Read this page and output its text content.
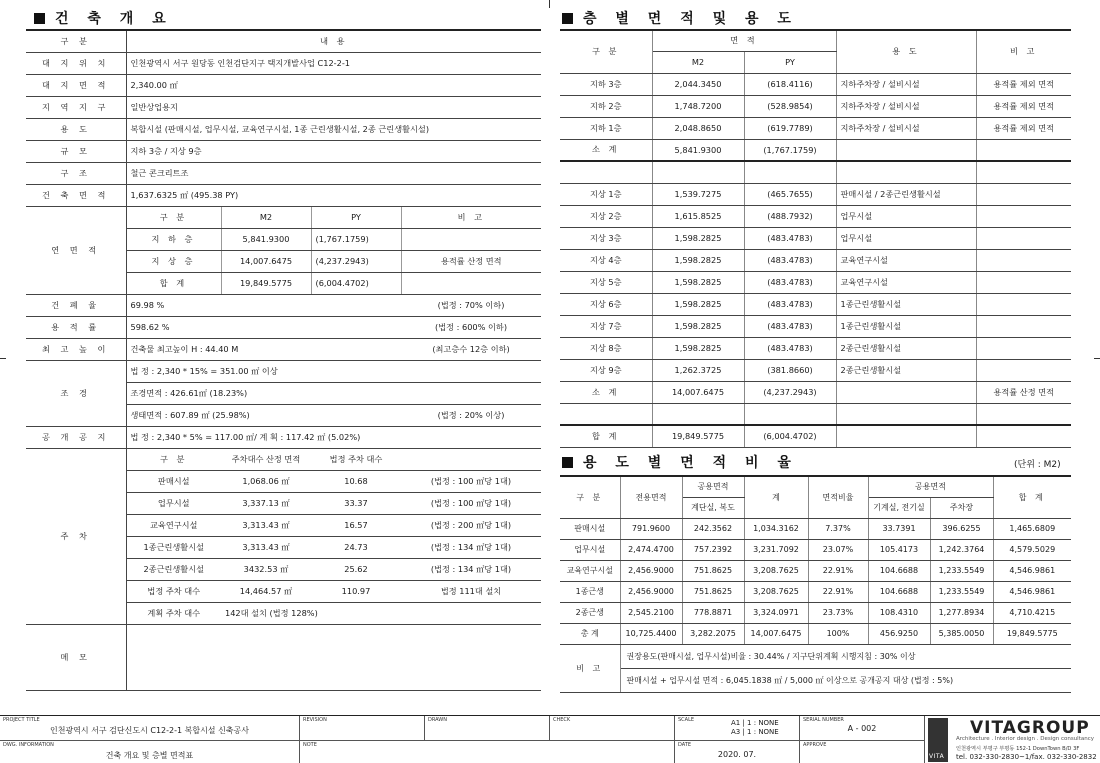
건 축 개 요
구 분	내 용			
대 지 위 치	인천광역시 서구 원당동 인천검단지구 택지개발사업 C12-2-1			
대 지 면 적	2,340.00 ㎡			
지 역 지 구	일반상업용지			
용 도	복합시설 (판매시설, 업무시설, 교육연구시설, 1종 근린생활시설, 2종 근린생활시설)			
규 모	지하 3층 / 지상 9층			
구 조	철근 콘크리트조			
건 축 면 적	1,637.6325 ㎡ (495.38 PY)			
연 면 적	구 분	M2	PY	비 고
	지 하 층	5,841.9300	(1,767.1759)	
	지 상 층	14,007.6475	(4,237.2943)	용적률 산정 면적
	합 계	19,849.5775	(6,004.4702)	
건 폐 율	69.98 %			(법정 : 70% 이하)
용 적 률	598.62 %			(법정 : 600% 이하)
최 고 높 이	건축물 최고높이 H : 44.40 M			(최고층수 12층 이하)
조 경	법 정 : 2,340 * 15% = 351.00 ㎡ 이상			
	조경면적 : 426.61㎡ (18.23%)			
	생태면적 : 607.89 ㎡ (25.98%)			(법정 : 20% 이상)
공 개 공 지	법 정 : 2,340 * 5% = 117.00 ㎡/ 계 획 : 117.42 ㎡ (5.02%)			
주 차	구 분	주차대수 산정 면적	법정 주차 대수	
	판매시설	1,068.06 ㎡	10.68	(법정 : 100 ㎡당 1대)
	업무시설	3,337.13 ㎡	33.37	(법정 : 100 ㎡당 1대)
	교육연구시설	3,313.43 ㎡	16.57	(법정 : 200 ㎡당 1대)
	1종근린생활시설	3,313.43 ㎡	24.73	(법정 : 134 ㎡당 1대)
	2종근린생활시설	3432.53 ㎡	25.62	(법정 : 134 ㎡당 1대)
	법정 주차 대수	14,464.57 ㎡	110.97	법정 111대 설치
	계획 주차 대수	142대 설치 (법정 128%)		
메 모				
층 별 면 적 및 용 도
구 분	면 적		용 도	비 고
	M2	PY		
지하 3층	2,044.3450	(618.4116)	지하주차장 / 설비시설	용적률 제외 면적
지하 2층	1,748.7200	(528.9854)	지하주차장 / 설비시설	용적률 제외 면적
지하 1층	2,048.8650	(619.7789)	지하주차장 / 설비시설	용적률 제외 면적
소 계	5,841.9300	(1,767.1759)		

지상 1층	1,539.7275	(465.7655)	판매시설 / 2종근린생활시설	
지상 2층	1,615.8525	(488.7932)	업무시설	
지상 3층	1,598.2825	(483.4783)	업무시설	
지상 4층	1,598.2825	(483.4783)	교육연구시설	
지상 5층	1,598.2825	(483.4783)	교육연구시설	
지상 6층	1,598.2825	(483.4783)	1종근린생활시설	
지상 7층	1,598.2825	(483.4783)	1종근린생활시설	
지상 8층	1,598.2825	(483.4783)	2종근린생활시설	
지상 9층	1,262.3725	(381.8660)	2종근린생활시설	
소 계	14,007.6475	(4,237.2943)		용적률 산정 면적

합 계	19,849.5775	(6,004.4702)		
용 도 별 면 적 비 율	(단위 : M2)
구 분	전용면적	공용면적	계	면적비율	공용면적		합 계
		계단실, 복도			기계실, 전기실	주차장	
판매시설	791.9600	242.3562	1,034.3162	7.37%	33.7391	396.6255	1,465.6809
업무시설	2,474.4700	757.2392	3,231.7092	23.07%	105.4173	1,242.3764	4,579.5029
교육연구시설	2,456.9000	751.8625	3,208.7625	22.91%	104.6688	1,233.5549	4,546.9861
1종근생	2,456.9000	751.8625	3,208.7625	22.91%	104.6688	1,233.5549	4,546.9861
2종근생	2,545.2100	778.8871	3,324.0971	23.73%	108.4310	1,277.8934	4,710.4215
총 계	10,725.4400	3,282.2075	14,007.6475	100%	456.9250	5,385.0050	19,849.5775
비 고	권장용도(판매시설, 업무시설)비율 : 30.44% / 지구단위계획 시행지침 : 30% 이상						
	판매시설 + 업무시설 면적 : 6,045.1838 ㎡ / 5,000 ㎡ 이상으로 공개공지 대상 (법정 : 5%)						
PROJECT TITLE
인천광역시 서구 검단신도시 C12-2-1 복합시설 신축공사
DWG. INFORMATION
건축 개요 및 층별 면적표
REVISION	DRAWN
NOTE
CHECK	SCALE	A1 | 1 : NONE
A3 | 1 : NONE
DATE
2020. 07.
SERIAL NUMBER
A - 002
APPROVE
VITA
VITAGROUP
Architecture . Interior design . Design consultancy
인천광역시 부평구 부평동 152-1 DownTown B/D 3F
tel. 032-330-2830~1/fax. 032-330-2832
